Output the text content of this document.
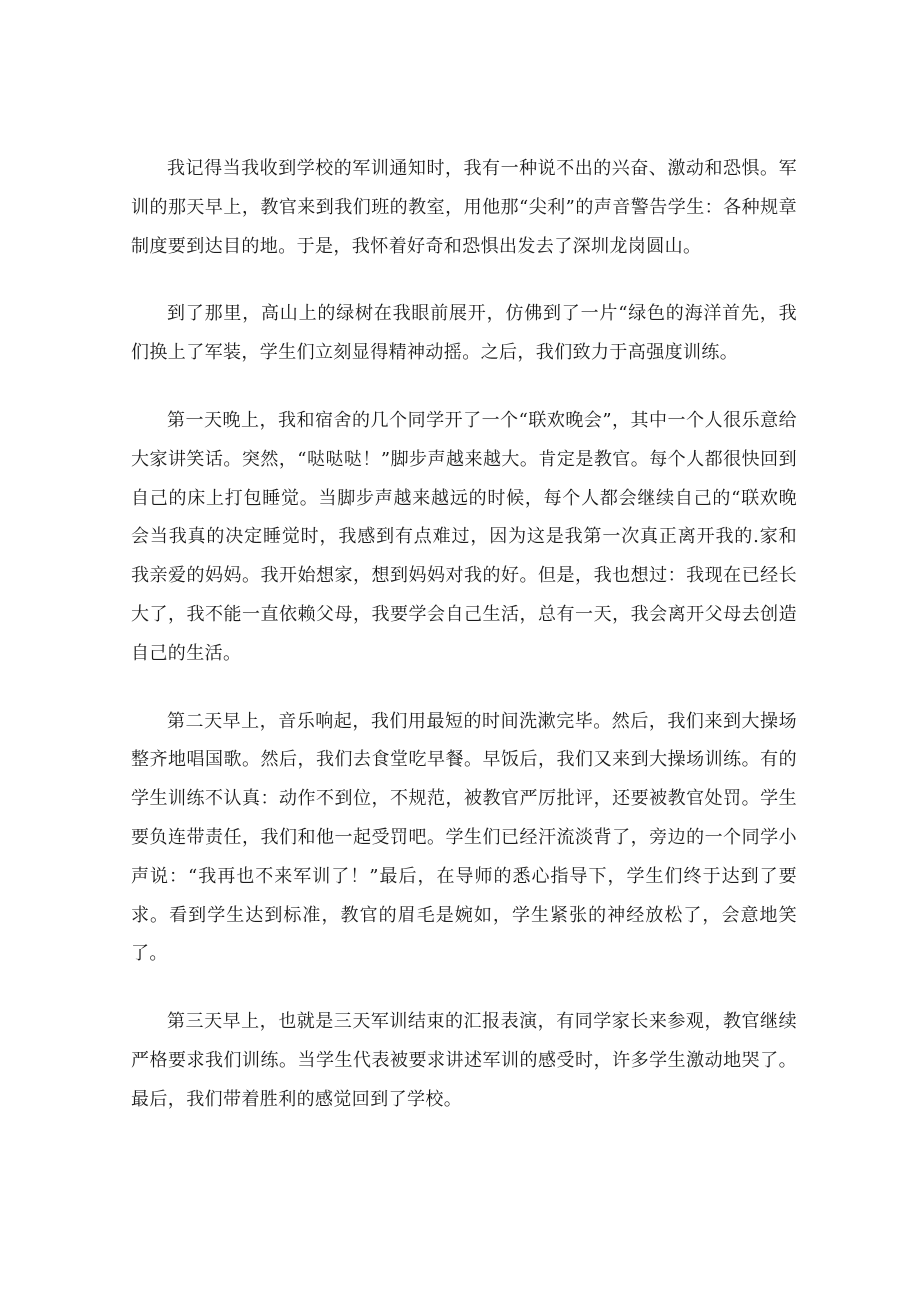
我记得当我收到学校的军训通知时，我有一种说不出的兴奋、激动和恐惧。军训的那天早上，教官来到我们班的教室，用他那“尖利”的声音警告学生：各种规章制度要到达目的地。于是，我怀着好奇和恐惧出发去了深圳龙岗圆山。

到了那里，高山上的绿树在我眼前展开，仿佛到了一片“绿色的海洋首先，我们换上了军装，学生们立刻显得精神动摇。之后，我们致力于高强度训练。

第一天晚上，我和宿舍的几个同学开了一个“联欢晚会”，其中一个人很乐意给大家讲笑话。突然，“哒哒哒！”脚步声越来越大。肯定是教官。每个人都很快回到自己的床上打包睡觉。当脚步声越来越远的时候，每个人都会继续自己的“联欢晚会当我真的决定睡觉时，我感到有点难过，因为这是我第一次真正离开我的.家和我亲爱的妈妈。我开始想家，想到妈妈对我的好。但是，我也想过：我现在已经长大了，我不能一直依赖父母，我要学会自己生活，总有一天，我会离开父母去创造自己的生活。

第二天早上，音乐响起，我们用最短的时间洗漱完毕。然后，我们来到大操场整齐地唱国歌。然后，我们去食堂吃早餐。早饭后，我们又来到大操场训练。有的学生训练不认真：动作不到位，不规范，被教官严厉批评，还要被教官处罚。学生要负连带责任，我们和他一起受罚吧。学生们已经汗流淡背了，旁边的一个同学小声说：“我再也不来军训了！”最后，在导师的悉心指导下，学生们终于达到了要求。看到学生达到标准，教官的眉毛是婉如，学生紧张的神经放松了，会意地笑了。

第三天早上，也就是三天军训结束的汇报表演，有同学家长来参观，教官继续严格要求我们训练。当学生代表被要求讲述军训的感受时，许多学生激动地哭了。最后，我们带着胜利的感觉回到了学校。
